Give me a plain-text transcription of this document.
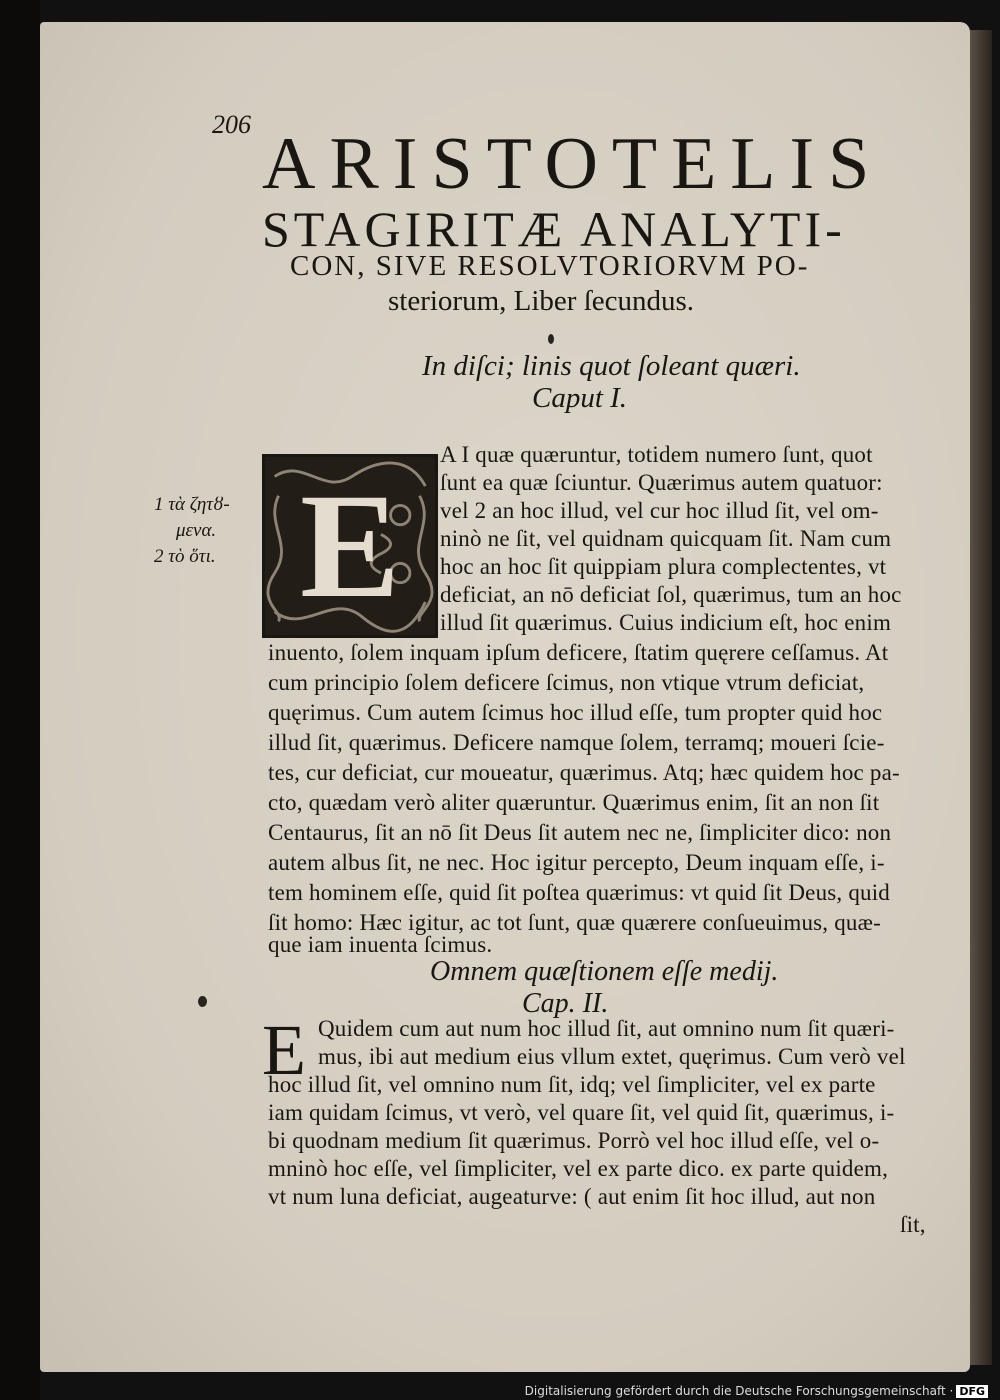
206 ARISTOTELIS
STAGIRITÆ ANALYTI-
CON, SIVE RESOLVTORIORVM PO-
steriorum, Liber ſecundus.
In diſci; linis quot ſoleant quæri.
Caput I.
E
A I quæ quæruntur, totidem numero ſunt, quot
ſunt ea quæ ſciuntur. Quærimus autem quatuor:
vel 2 an hoc illud, vel cur hoc illud ſit, vel om-
ninò ne ſit, vel quidnam quicquam ſit. Nam cum
hoc an hoc ſit quippiam plura complectentes, vt
deficiat, an nō deficiat ſol, quærimus, tum an hoc
illud ſit quærimus. Cuius indicium eſt, hoc enim
inuento, ſolem inquam ipſum deficere, ſtatim quęrere ceſſamus. At
cum principio ſolem deficere ſcimus, non vtique vtrum deficiat,
quęrimus. Cum autem ſcimus hoc illud eſſe, tum propter quid hoc
illud ſit, quærimus. Deficere namque ſolem, terramq; moueri ſcie-
tes, cur deficiat, cur moueatur, quærimus. Atq; hæc quidem hoc pa-
cto, quædam verò aliter quæruntur. Quærimus enim, ſit an non ſit
Centaurus, ſit an nō ſit Deus ſit autem nec ne, ſimpliciter dico: non
autem albus ſit, ne nec. Hoc igitur percepto, Deum inquam eſſe, i-
tem hominem eſſe, quid ſit poſtea quærimus: vt quid ſit Deus, quid
ſit homo: Hæc igitur, ac tot ſunt, quæ quærere conſueuimus, quæ-
que iam inuenta ſcimus.
1 τὰ ζητȣ-
μενα.
2 τὸ ὅτι.
Omnem quæſtionem eſſe medij.
Cap. II.
E Quidem cum aut num hoc illud ſit, aut omnino num ſit quæri-
mus, ibi aut medium eius vllum extet, quęrimus. Cum verò vel
hoc illud ſit, vel omnino num ſit, idq; vel ſimpliciter, vel ex parte
iam quidam ſcimus, vt verò, vel quare ſit, vel quid ſit, quærimus, i-
bi quodnam medium ſit quærimus. Porrò vel hoc illud eſſe, vel o-
mninò hoc eſſe, vel ſimpliciter, vel ex parte dico. ex parte quidem,
vt num luna deficiat, augeaturve: ( aut enim ſit hoc illud, aut non
ſit,
Digitalisierung gefördert durch die Deutsche Forschungsgemeinschaft · DFG
